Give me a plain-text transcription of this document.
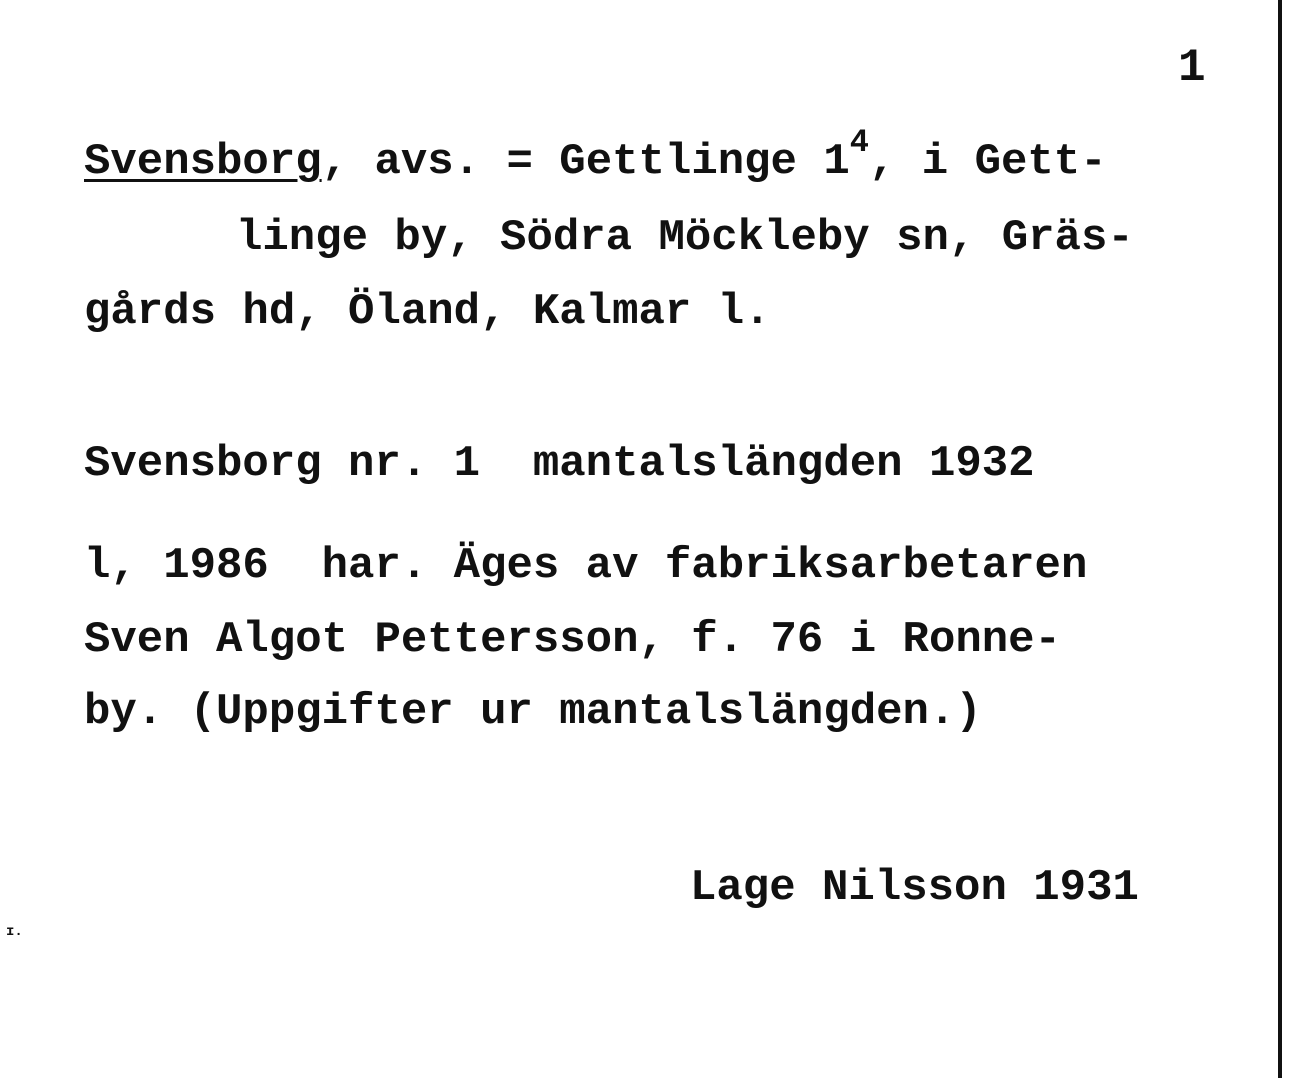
1
Svensborg, avs. = Gettlinge $1^4$, i Gett-
linge by, Södra Möckleby sn, Gräs-
gårds hd, Öland, Kalmar l.
Svensborg nr. 1  mantalslängden 1932
l, 1986  har. Äges av fabriksarbetaren
Sven Algot Pettersson, f. 76 i Ronne-
by. (Uppgifter ur mantalslängden.)
Lage Nilsson 1931
ɪ.
